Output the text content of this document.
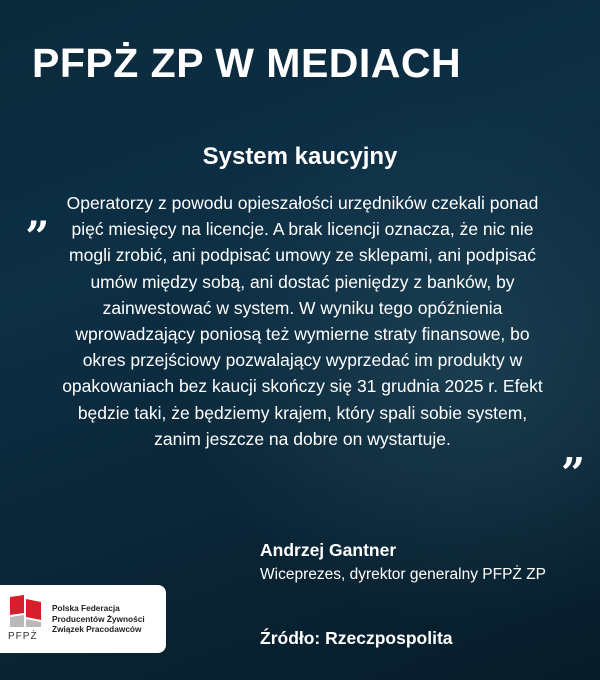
PFPŻ ZP W MEDIACH
System kaucyjny
„ Operatorzy z powodu opieszałości urzędników czekali ponad pięć miesięcy na licencje. A brak licencji oznacza, że nic nie mogli zrobić, ani podpisać umowy ze sklepami, ani podpisać umów między sobą, ani dostać pieniędzy z banków, by zainwestować w system. W wyniku tego opóźnienia wprowadzający poniosą też wymierne straty finansowe, bo okres przejściowy pozwalający wyprzedać im produkty w opakowaniach bez kaucji skończy się 31 grudnia 2025 r. Efekt będzie taki, że będziemy krajem, który spali sobie system, zanim jeszcze na dobre on wystartuje.
”
Andrzej Gantner
Wiceprezes, dyrektor generalny PFPŻ ZP
Źródło: Rzeczpospolita
PFPŻ
Polska Federacja
Producentów Żywności
Związek Pracodawców
